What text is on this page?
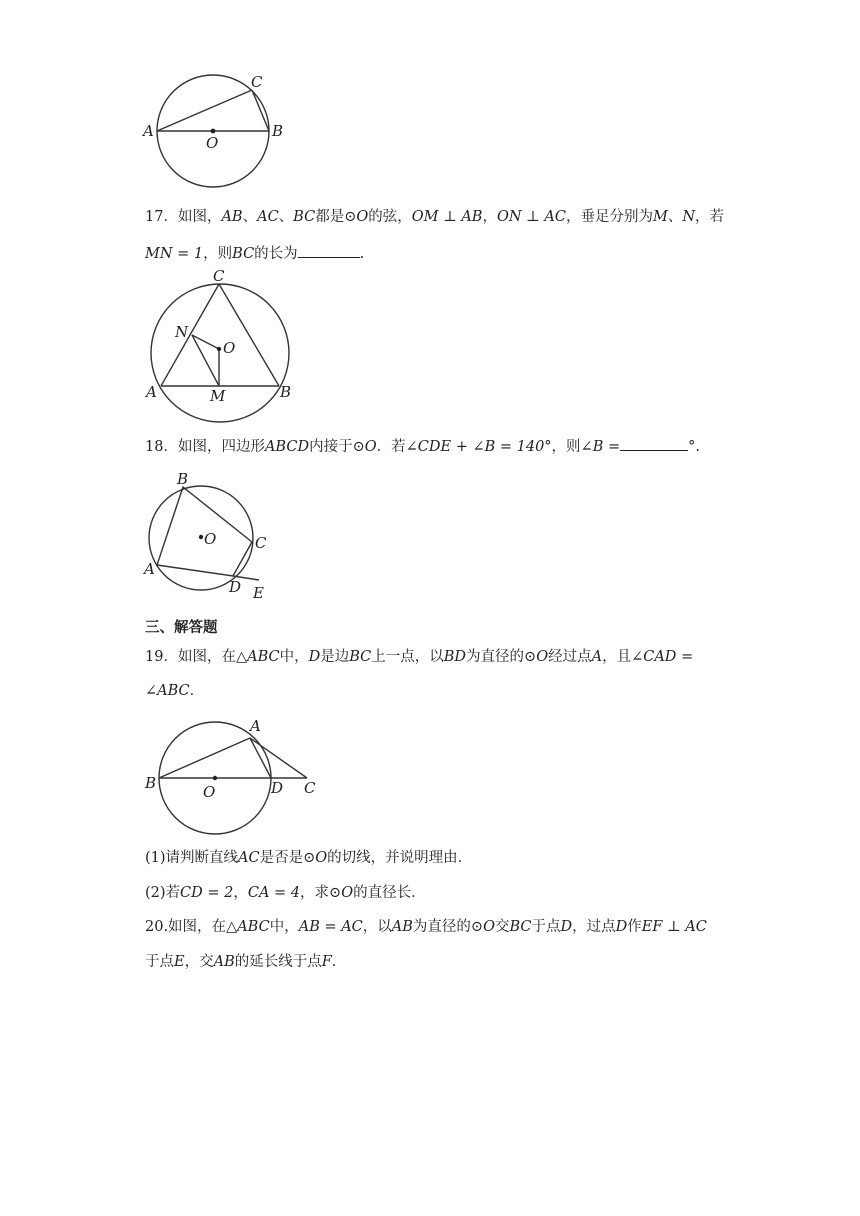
A	B
C
O
17．如图，AB、AC、BC都是⊙O的弦，OM ⊥ AB，ON ⊥ AC，垂足分别为M、N，若
MN = 1，则BC的长为	.
C
N
O
A	M	B
18．如图，四边形ABCD内接于⊙O．若∠CDE + ∠B = 140°，则∠B =	°.
B
O	C
A
D E
三、解答题
19．如图，在△ABC中，D是边BC上一点，以BD为直径的⊙O经过点A，且∠CAD =
∠ABC．
A
B	O	D C
(1)请判断直线AC是否是⊙O的切线，并说明理由．
(2)若CD = 2，CA = 4，求⊙O的直径长．
20.如图，在△ABC中，AB = AC，以AB为直径的⊙O交BC于点D，过点D作EF ⊥ AC
于点E，交AB的延长线于点F.
